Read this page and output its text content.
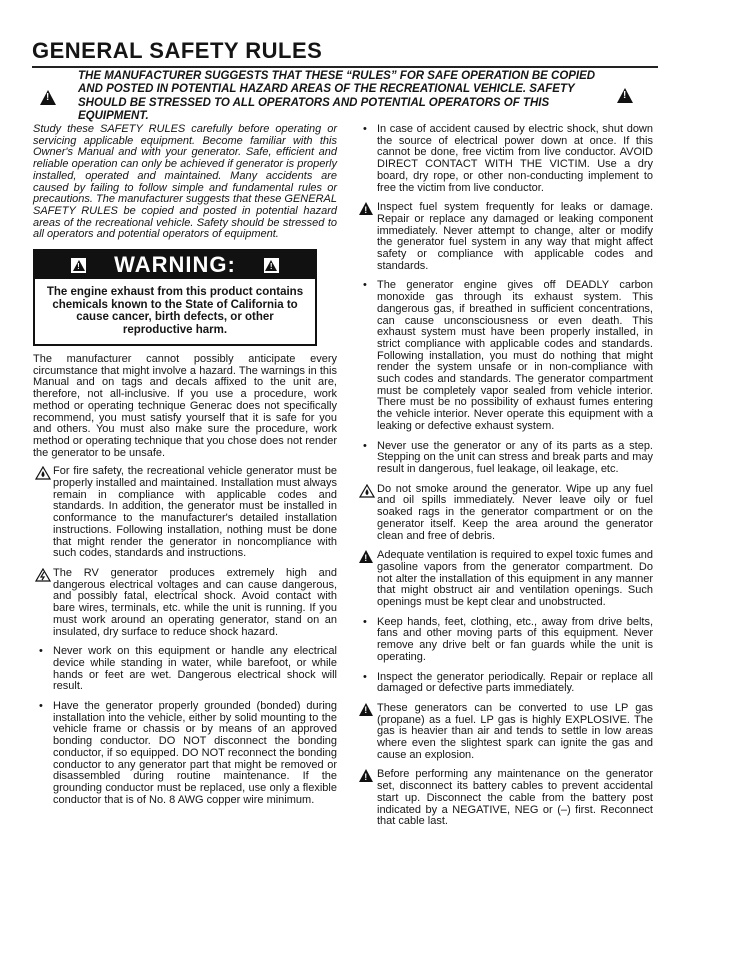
GENERAL SAFETY RULES
!
THE MANUFACTURER SUGGESTS THAT THESE “RULES” FOR SAFE OPERATION BE COPIED AND POSTED IN POTENTIAL HAZARD AREAS OF THE RECREATIONAL VEHICLE. SAFETY SHOULD BE STRESSED TO ALL OPERATORS AND POTENTIAL OPERATORS OF THIS EQUIPMENT.
!

Study these SAFETY RULES carefully before operating or servicing applicable equipment. Become familiar with this Owner's Manual and with your generator. Safe, efficient and reliable operation can only be achieved if generator is properly installed, operated and maintained. Many accidents are caused by failing to follow simple and fundamental rules or precautions. The manufacturer suggests that these GENERAL SAFETY RULES be copied and posted in potential hazard areas of the recreational vehicle. Safety should be stressed to all operators and potential operators of equipment.

!
WARNING:
!
The engine exhaust from this product contains chemicals known to the State of California to cause cancer, birth defects, or other reproductive harm.

The manufacturer cannot possibly anticipate every circumstance that might involve a hazard. The warnings in this Manual and on tags and decals affixed to the unit are, therefore, not all-inclusive. If you use a procedure, work method or operating technique Generac does not specifically recommend, you must satisfy yourself that it is safe for you and others. You must also make sure the procedure, work method or operating technique that you chose does not render the generator to be unsafe.

For fire safety, the recreational vehicle generator must be properly installed and maintained. Installation must always remain in compliance with applicable codes and standards. In addition, the generator must be installed in conformance to the manufacturer's detailed installation instructions. Following installation, nothing must be done that might render the generator in noncompliance with such codes, standards and instructions.
The RV generator produces extremely high and dangerous electrical voltages and can cause dangerous, and possibly fatal, electrical shock. Avoid contact with bare wires, terminals, etc. while the unit is running. If you must work around an operating generator, stand on an insulated, dry surface to reduce shock hazard.
• Never work on this equipment or handle any electrical device while standing in water, while barefoot, or while hands or feet are wet. Dangerous electrical shock will result.
• Have the generator properly grounded (bonded) during installation into the vehicle, either by solid mounting to the vehicle frame or chassis or by means of an approved bonding conductor. DO NOT disconnect the bonding conductor, if so equipped. DO NOT reconnect the bonding conductor to any generator part that might be removed or disassembled during routine maintenance. If the grounding conductor must be replaced, use only a flexible conductor that is of No. 8 AWG copper wire minimum.
• In case of accident caused by electric shock, shut down the source of electrical power down at once. If this cannot be done, free victim from live conductor. AVOID DIRECT CONTACT WITH THE VICTIM. Use a dry board, dry rope, or other non-conducting implement to free the victim from live conductor.
!
Inspect fuel system frequently for leaks or damage. Repair or replace any damaged or leaking component immediately. Never attempt to change, alter or modify the generator fuel system in any way that might affect safety or compliance with applicable codes and standards.
• The generator engine gives off DEADLY carbon monoxide gas through its exhaust system. This dangerous gas, if breathed in sufficient concentrations, can cause unconsciousness or even death. This exhaust system must have been properly installed, in strict compliance with applicable codes and standards. Following installation, you must do nothing that might render the system unsafe or in non-compliance with such codes and standards. The generator compartment must be completely vapor sealed from vehicle interior. There must be no possibility of exhaust fumes entering the vehicle interior. Never operate this equipment with a leaking or defective exhaust system.
• Never use the generator or any of its parts as a step. Stepping on the unit can stress and break parts and may result in dangerous, fuel leakage, oil leakage, etc.
Do not smoke around the generator. Wipe up any fuel and oil spills immediately. Never leave oily or fuel soaked rags in the generator compartment or on the generator itself. Keep the area around the generator clean and free of debris.
!
Adequate ventilation is required to expel toxic fumes and gasoline vapors from the generator compartment. Do not alter the installation of this equipment in any manner that might obstruct air and ventilation openings. Such openings must be kept clear and unobstructed.
• Keep hands, feet, clothing, etc., away from drive belts, fans and other moving parts of this equipment. Never remove any drive belt or fan guards while the unit is operating.
• Inspect the generator periodically. Repair or replace all damaged or defective parts immediately.
!
These generators can be converted to use LP gas (propane) as a fuel. LP gas is highly EXPLOSIVE. The gas is heavier than air and tends to settle in low areas where even the slightest spark can ignite the gas and cause an explosion.
!
Before performing any maintenance on the generator set, disconnect its battery cables to prevent accidental start up. Disconnect the cable from the battery post indicated by a NEGATIVE, NEG or (–) first. Reconnect that cable last.
